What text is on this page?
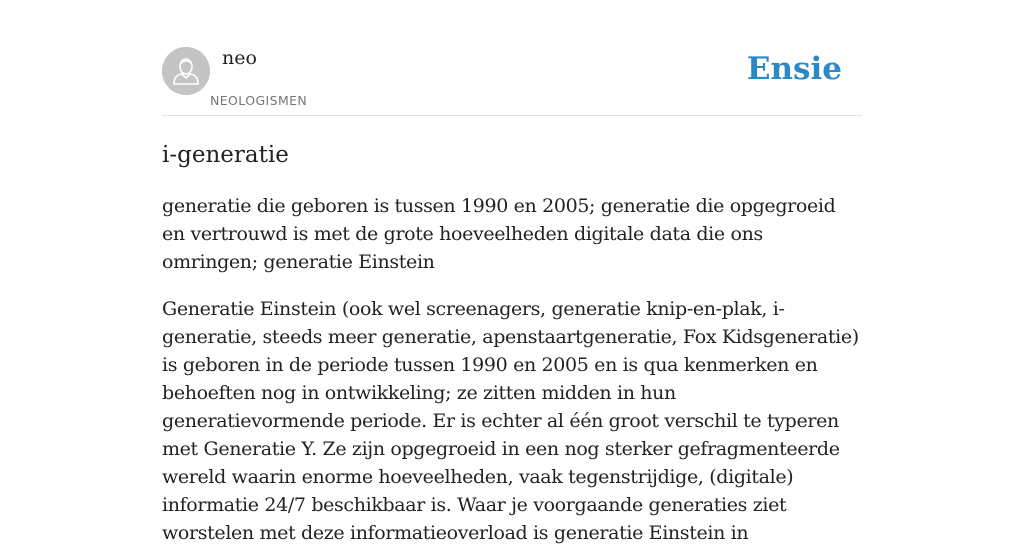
neo
NEOLOGISMEN
Ensie
i-generatie

generatie die geboren is tussen 1990 en 2005; generatie die opgegroeid en vertrouwd is met de grote hoeveelheden digitale data die ons omringen; generatie Einstein

Generatie Einstein (ook wel screenagers, generatie knip-en-plak, i-generatie, steeds meer generatie, apenstaartgeneratie, Fox Kidsgeneratie) is geboren in de periode tussen 1990 en 2005 en is qua kenmerken en behoeften nog in ontwikkeling; ze zitten midden in hun generatievormende periode. Er is echter al één groot verschil te typeren met Generatie Y. Ze zijn opgegroeid in een nog sterker gefragmenteerde wereld waarin enorme hoeveelheden, vaak tegenstrijdige, (digitale) informatie 24/7 beschikbaar is. Waar je voorgaande generaties ziet worstelen met deze informatieoverload is generatie Einstein in
